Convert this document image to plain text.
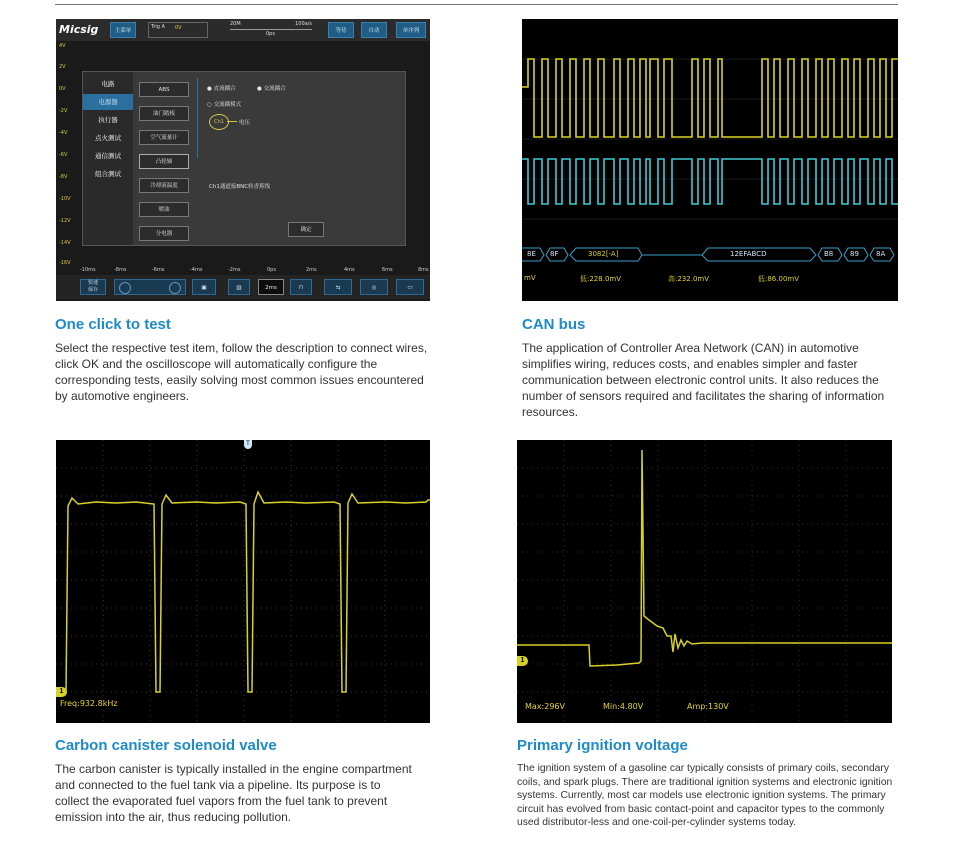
Micsig	主菜单
Trig A 0V
20M	100a/s
0ps	等待	自动	单序列
4V
2V
0V
-2V
-4V
-6V
-8V
-10V
-12V
-14V
-16V
电路
电源器
执行器
点火测试
通信测试
组合测试
ABS
油门踏板
空气流量计
凸轮轴
冷却液温度
喷油
分电器
● 直流耦合	● 交流耦合
○ 交流耦模式
Ch1	电压
Ch1通道接BNC转香蕉线
确定
-10ms	-8ms	-6ms	-4ms	-2ms	0ps	2ms	4ms	6ms	8ms
快速
保存	▣	▥	2ms	⊓	⇆	◎	▭
8E 8F	3082[-A]	12EFABCD	B8 89 8A
mV	低:228.0mV	高:232.0mV	低:86.00mV
T
1
Freq:932.8kHz
1
Max:296V	Min:4.80V	Amp:130V
One click to test

Select the respective test item, follow the description to connect wires, click OK and the oscilloscope will automatically configure the corresponding tests, easily solving most common issues encountered by automotive engineers.

CAN bus

The application of Controller Area Network (CAN) in automotive simplifies wiring, reduces costs, and enables simpler and faster communication between electronic control units. It also reduces the number of sensors required and facilitates the sharing of information resources.

Carbon canister solenoid valve

The carbon canister is typically installed in the engine compartment and connected to the fuel tank via a pipeline. Its purpose is to collect the evaporated fuel vapors from the fuel tank to prevent emission into the air, thus reducing pollution.

Primary ignition voltage

The ignition system of a gasoline car typically consists of primary coils, secondary coils, and spark plugs. There are traditional ignition systems and electronic ignition systems. Currently, most car models use electronic ignition systems. The primary circuit has evolved from basic contact-point and capacitor types to the commonly used distributor-less and one-coil-per-cylinder systems today.
